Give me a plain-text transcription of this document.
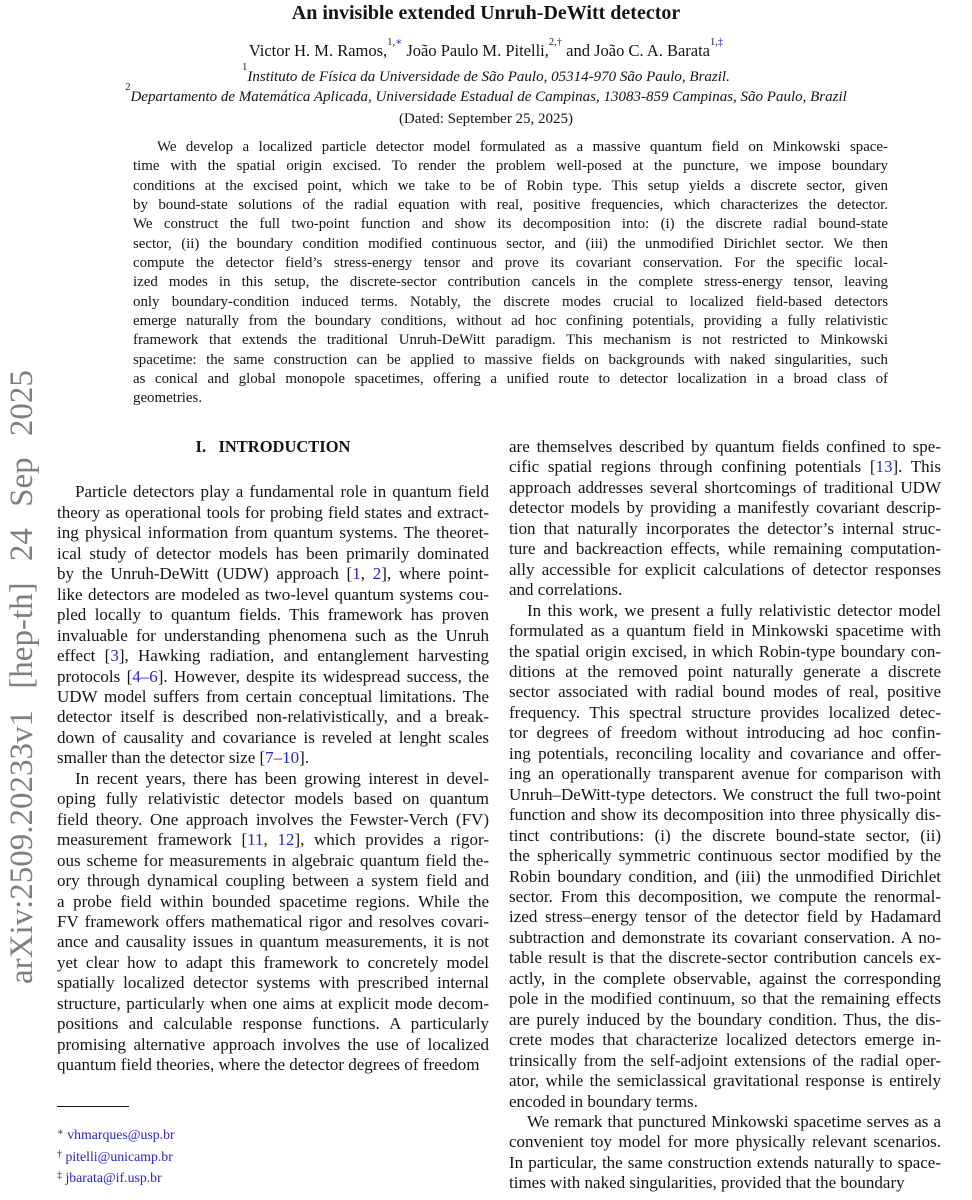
arXiv:2509.20233v1 [hep-th] 24 Sep 2025
An invisible extended Unruh-DeWitt detector
Victor H. M. Ramos,$^{1,∗}$ João Paulo M. Pitelli,$^{2,\dagger}$ and João C. A. Barata$^{1,\ddagger}$
$^1$Instituto de Física da Universidade de São Paulo, 05314-970 São Paulo, Brazil.
$^2$Departamento de Matemática Aplicada, Universidade Estadual de Campinas, 13083-859 Campinas, São Paulo, Brazil
(Dated: September 25, 2025)
We develop a localized particle detector model formulated as a massive quantum field on Minkowski space-
time with the spatial origin excised. To render the problem well-posed at the puncture, we impose boundary
conditions at the excised point, which we take to be of Robin type. This setup yields a discrete sector, given
by bound-state solutions of the radial equation with real, positive frequencies, which characterizes the detector.
We construct the full two-point function and show its decomposition into: (i) the discrete radial bound-state
sector, (ii) the boundary condition modified continuous sector, and (iii) the unmodified Dirichlet sector. We then
compute the detector field’s stress-energy tensor and prove its covariant conservation. For the specific local-
ized modes in this setup, the discrete-sector contribution cancels in the complete stress-energy tensor, leaving
only boundary-condition induced terms. Notably, the discrete modes crucial to localized field-based detectors
emerge naturally from the boundary conditions, without ad hoc confining potentials, providing a fully relativistic
framework that extends the traditional Unruh-DeWitt paradigm. This mechanism is not restricted to Minkowski
spacetime: the same construction can be applied to massive fields on backgrounds with naked singularities, such
as conical and global monopole spacetimes, offering a unified route to detector localization in a broad class of
geometries.
I.   INTRODUCTION
Particle detectors play a fundamental role in quantum field
theory as operational tools for probing field states and extract-
ing physical information from quantum systems. The theoret-
ical study of detector models has been primarily dominated
by the Unruh-DeWitt (UDW) approach [1, 2], where point-
like detectors are modeled as two-level quantum systems cou-
pled locally to quantum fields. This framework has proven
invaluable for understanding phenomena such as the Unruh
effect [3], Hawking radiation, and entanglement harvesting
protocols [4–6]. However, despite its widespread success, the
UDW model suffers from certain conceptual limitations. The
detector itself is described non-relativistically, and a break-
down of causality and covariance is reveled at lenght scales
smaller than the detector size [7–10].
In recent years, there has been growing interest in devel-
oping fully relativistic detector models based on quantum
field theory. One approach involves the Fewster-Verch (FV)
measurement framework [11, 12], which provides a rigor-
ous scheme for measurements in algebraic quantum field the-
ory through dynamical coupling between a system field and
a probe field within bounded spacetime regions. While the
FV framework offers mathematical rigor and resolves covari-
ance and causality issues in quantum measurements, it is not
yet clear how to adapt this framework to concretely model
spatially localized detector systems with prescribed internal
structure, particularly when one aims at explicit mode decom-
positions and calculable response functions. A particularly
promising alternative approach involves the use of localized
quantum field theories, where the detector degrees of freedom
are themselves described by quantum fields confined to spe-
cific spatial regions through confining potentials [13]. This
approach addresses several shortcomings of traditional UDW
detector models by providing a manifestly covariant descrip-
tion that naturally incorporates the detector’s internal struc-
ture and backreaction effects, while remaining computation-
ally accessible for explicit calculations of detector responses
and correlations.
In this work, we present a fully relativistic detector model
formulated as a quantum field in Minkowski spacetime with
the spatial origin excised, in which Robin-type boundary con-
ditions at the removed point naturally generate a discrete
sector associated with radial bound modes of real, positive
frequency. This spectral structure provides localized detec-
tor degrees of freedom without introducing ad hoc confin-
ing potentials, reconciling locality and covariance and offer-
ing an operationally transparent avenue for comparison with
Unruh–DeWitt-type detectors. We construct the full two-point
function and show its decomposition into three physically dis-
tinct contributions: (i) the discrete bound-state sector, (ii)
the spherically symmetric continuous sector modified by the
Robin boundary condition, and (iii) the unmodified Dirichlet
sector. From this decomposition, we compute the renormal-
ized stress–energy tensor of the detector field by Hadamard
subtraction and demonstrate its covariant conservation. A no-
table result is that the discrete-sector contribution cancels ex-
actly, in the complete observable, against the corresponding
pole in the modified continuum, so that the remaining effects
are purely induced by the boundary condition. Thus, the dis-
crete modes that characterize localized detectors emerge in-
trinsically from the self-adjoint extensions of the radial oper-
ator, while the semiclassical gravitational response is entirely
encoded in boundary terms.
We remark that punctured Minkowski spacetime serves as a
convenient toy model for more physically relevant scenarios.
In particular, the same construction extends naturally to space-
times with naked singularities, provided that the boundary
∗ vhmarques@usp.br
† pitelli@unicamp.br
‡ jbarata@if.usp.br
